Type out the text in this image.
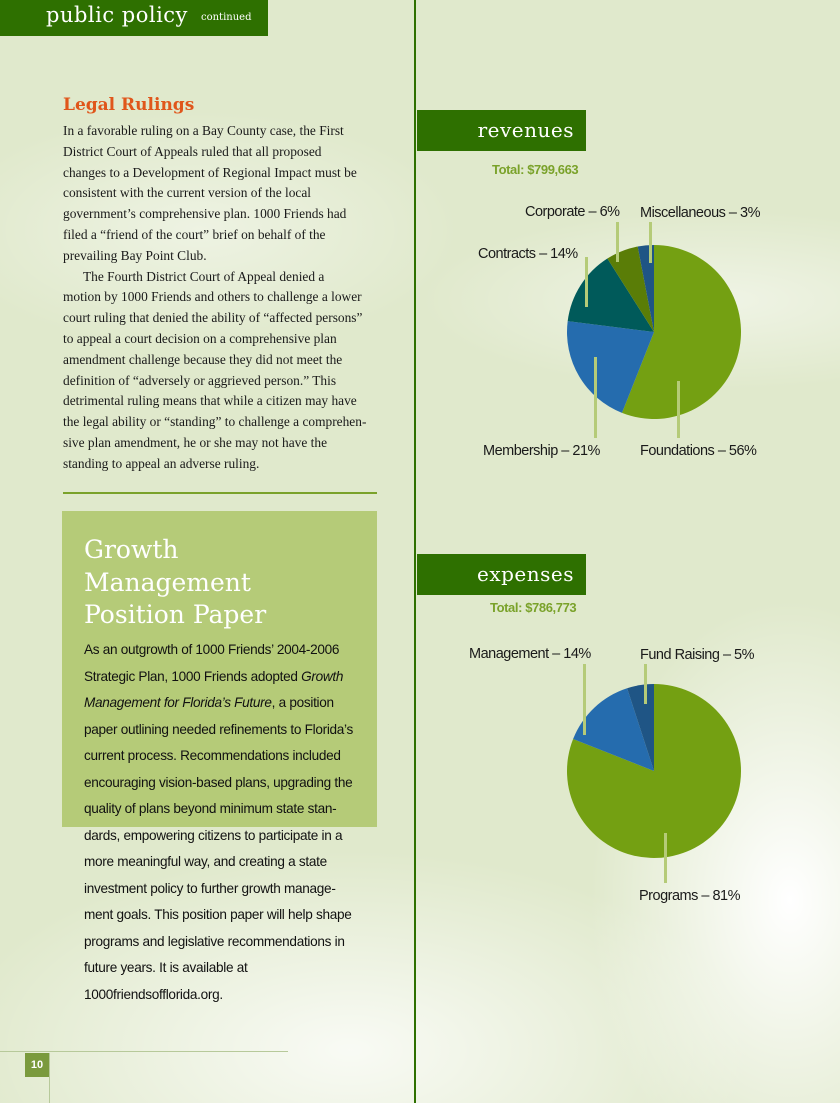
public policy continued
Legal Rulings
In a favorable ruling on a Bay County case, the First
District Court of Appeals ruled that all proposed
changes to a Development of Regional Impact must be
consistent with the current version of the local
government’s comprehensive plan. 1000 Friends had
filed a “friend of the court” brief on behalf of the
prevailing Bay Point Club.
The Fourth District Court of Appeal denied a
motion by 1000 Friends and others to challenge a lower
court ruling that denied the ability of “affected persons”
to appeal a court decision on a comprehensive plan
amendment challenge because they did not meet the
definition of “adversely or aggrieved person.” This
detrimental ruling means that while a citizen may have
the legal ability or “standing” to challenge a comprehen-
sive plan amendment, he or she may not have the
standing to appeal an adverse ruling.
Growth
Management
Position Paper
As an outgrowth of 1000 Friends’ 2004-2006
Strategic Plan, 1000 Friends adopted Growth
Management for Florida’s Future, a position
paper outlining needed refinements to Florida’s
current process. Recommendations included
encouraging vision-based plans, upgrading the
quality of plans beyond minimum state stan-
dards, empowering citizens to participate in a
more meaningful way, and creating a state
investment policy to further growth manage-
ment goals. This position paper will help shape
programs and legislative recommendations in
future years. It is available at
1000friendsofflorida.org.
10
revenues
Total: $799,663
expenses
Total: $786,773
Corporate – 6% Miscellaneous – 3%
Contracts – 14%
Membership – 21%	Foundations – 56%
Management – 14%	Fund Raising – 5%
Programs – 81%
